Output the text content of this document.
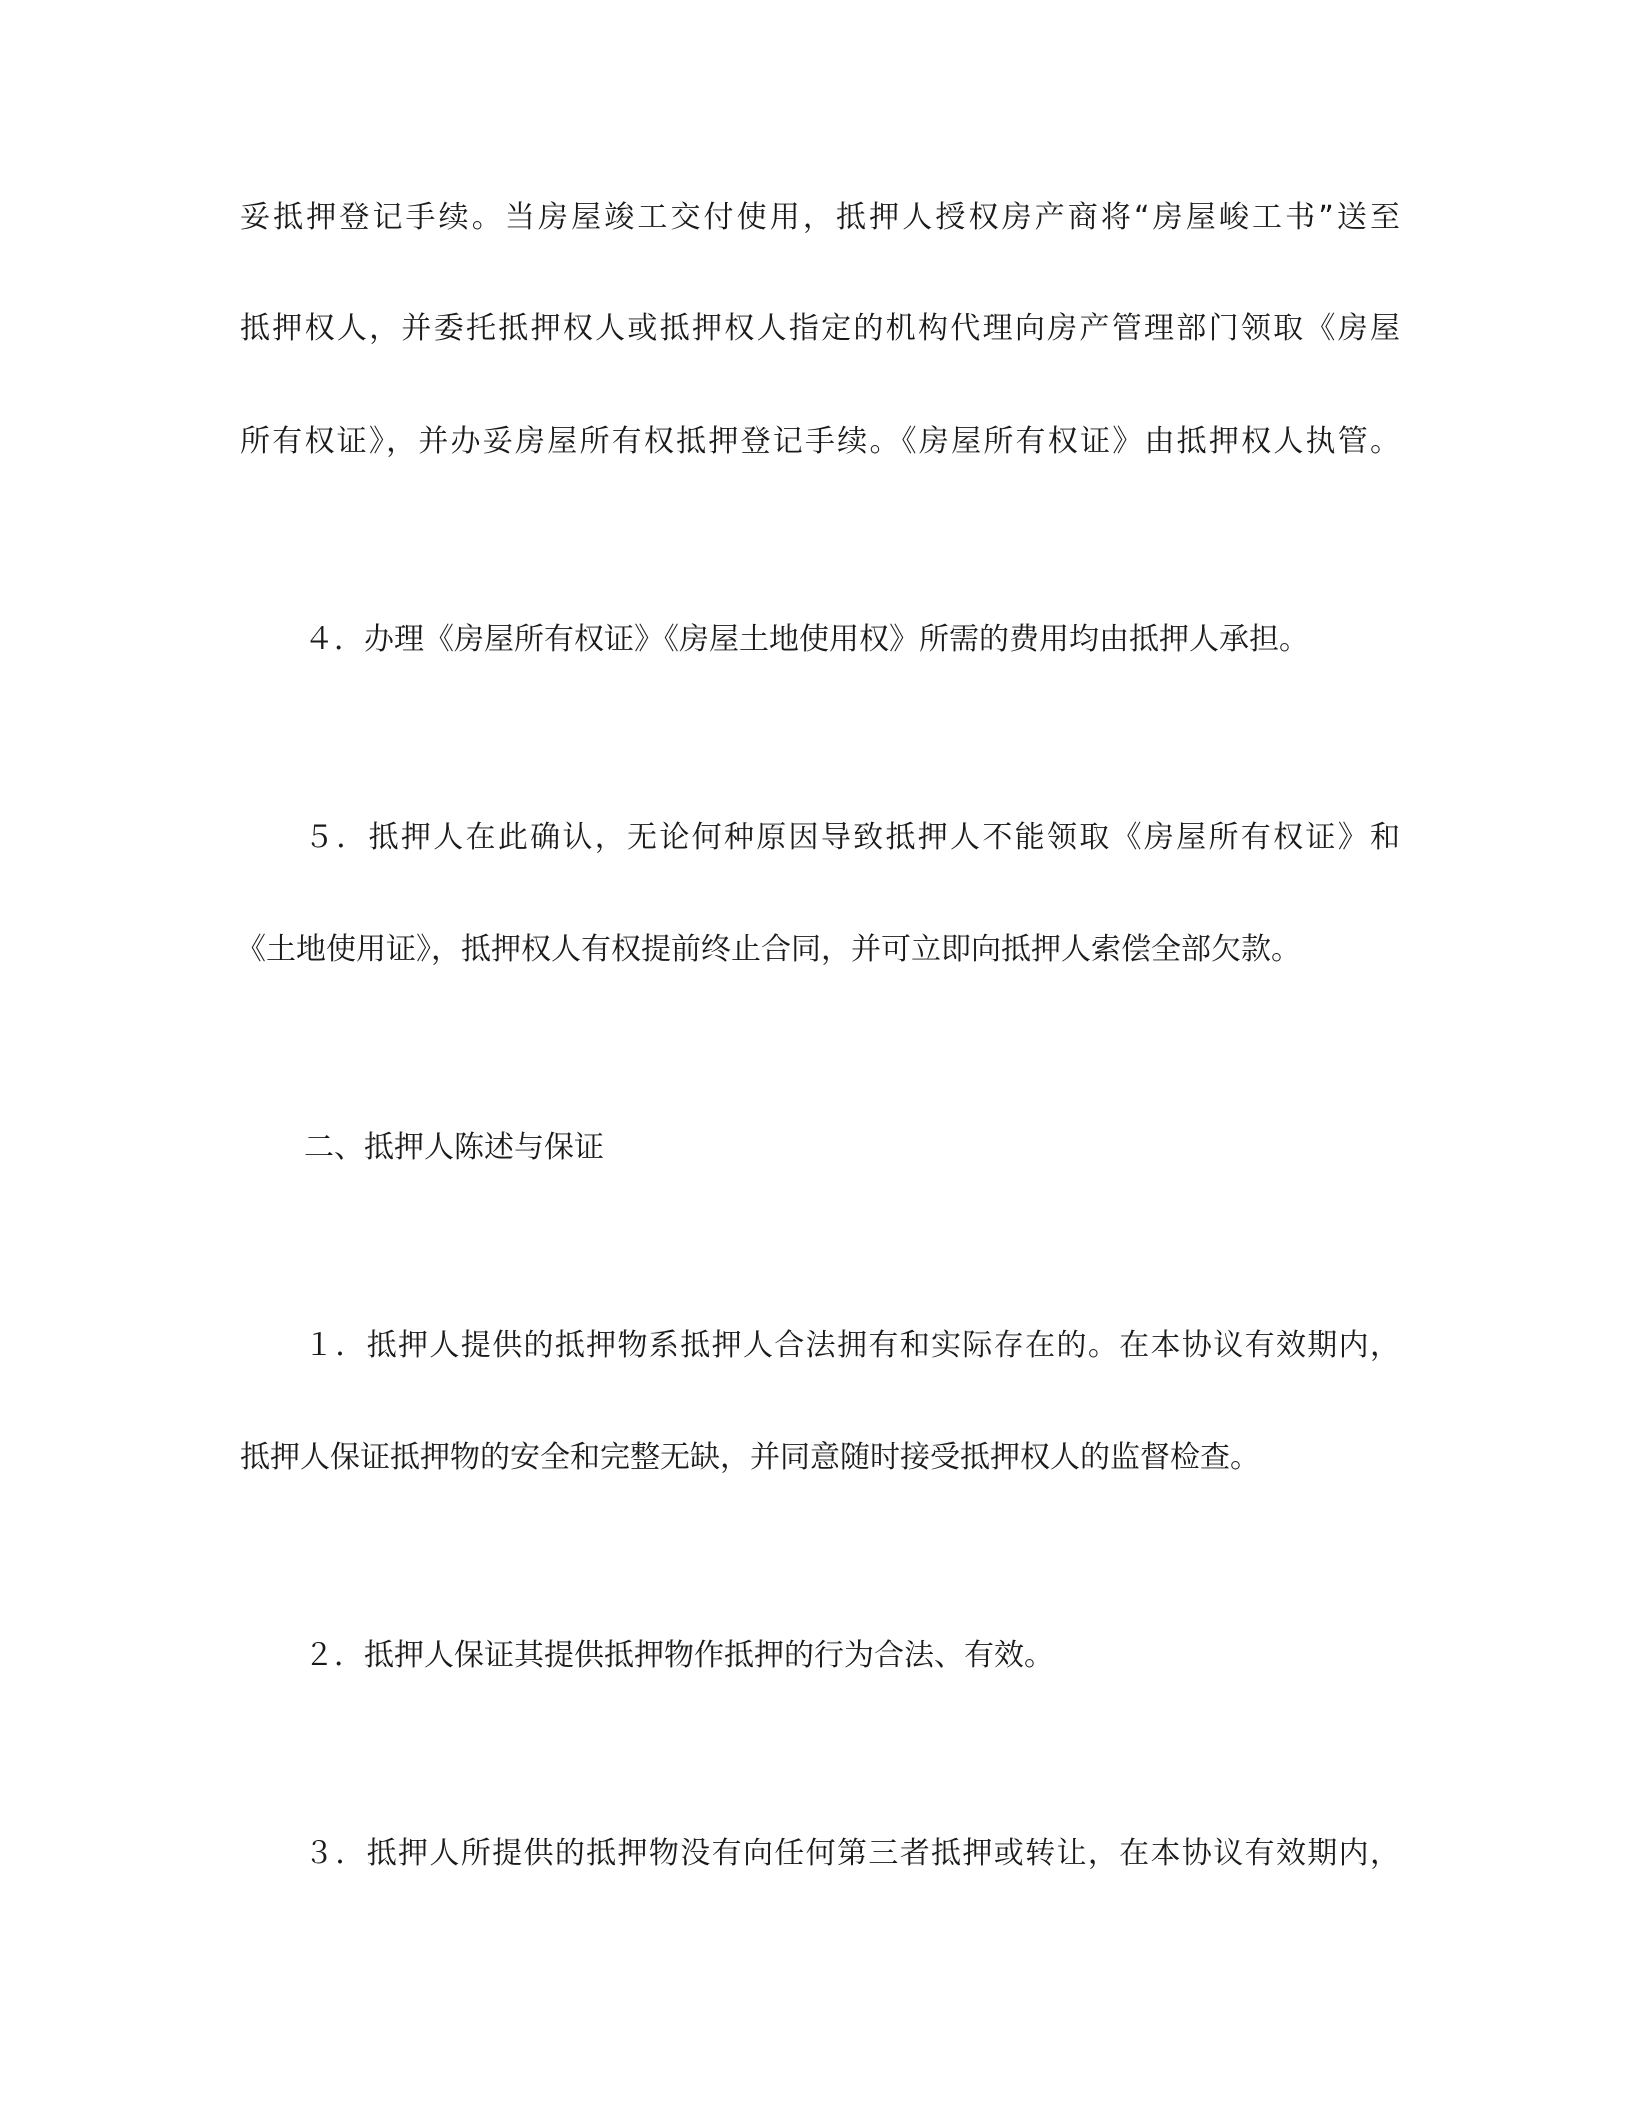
妥抵押登记手续。当房屋竣工交付使用，抵押人授权房产商将“房屋峻工书”送至
抵押权人，并委托抵押权人或抵押权人指定的机构代理向房产管理部门领取《房屋
所有权证》，并办妥房屋所有权抵押登记手续。《房屋所有权证》由抵押权人执管。
４．办理《房屋所有权证》《房屋土地使用权》所需的费用均由抵押人承担。
５．抵押人在此确认，无论何种原因导致抵押人不能领取《房屋所有权证》和
《土地使用证》，抵押权人有权提前终止合同，并可立即向抵押人索偿全部欠款。
二、抵押人陈述与保证
１．抵押人提供的抵押物系抵押人合法拥有和实际存在的。在本协议有效期内，
抵押人保证抵押物的安全和完整无缺，并同意随时接受抵押权人的监督检查。
２．抵押人保证其提供抵押物作抵押的行为合法、有效。
３．抵押人所提供的抵押物没有向任何第三者抵押或转让，在本协议有效期内，
